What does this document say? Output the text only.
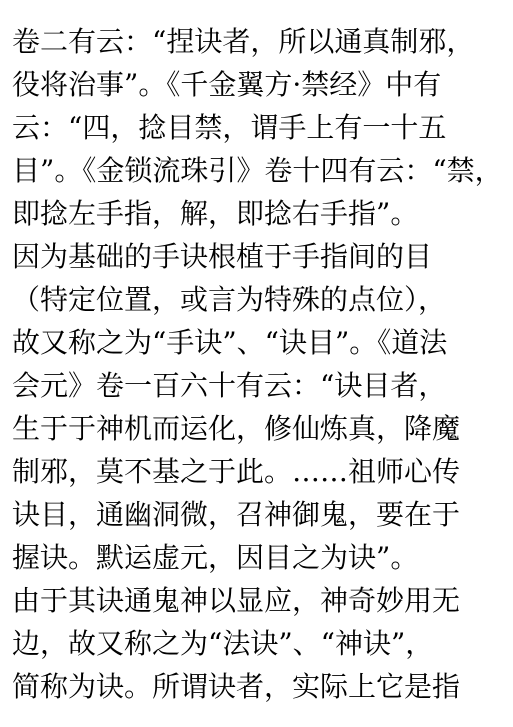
卷二有云：“捏诀者，所以通真制邪，
役将治事”。《千金翼方·禁经》中有
云：“四，捻目禁，谓手上有一十五
目”。《金锁流珠引》卷十四有云：“禁，
即捻左手指，解，即捻右手指”。
因为基础的手诀根植于手指间的目
（特定位置，或言为特殊的点位），
故又称之为“手诀”、“诀目”。《道法
会元》卷一百六十有云：“诀目者，
生于于神机而运化，修仙炼真，降魔
制邪，莫不基之于此。……祖师心传
诀目，通幽洞微，召神御鬼，要在于
握诀。默运虚元，因目之为诀”。
由于其诀通鬼神以显应，神奇妙用无
边，故又称之为“法诀”、“神诀”，
简称为诀。所谓诀者，实际上它是指
